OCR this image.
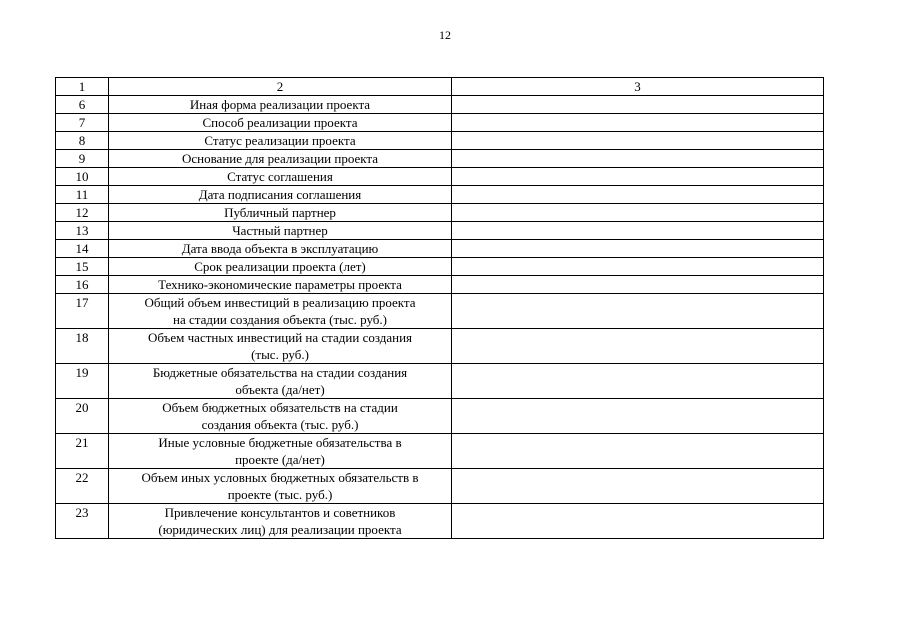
12
1	2	3
6	Иная форма реализации проекта	
7	Способ реализации проекта	
8	Статус реализации проекта	
9	Основание для реализации проекта	
10	Статус соглашения	
11	Дата подписания соглашения	
12	Публичный партнер	
13	Частный партнер	
14	Дата ввода объекта в эксплуатацию	
15	Срок реализации проекта (лет)	
16	Технико-экономические параметры проекта	
17	Общий объем инвестиций в реализацию проекта
на стадии создания объекта (тыс. руб.)	
18	Объем частных инвестиций на стадии создания
(тыс. руб.)	
19	Бюджетные обязательства на стадии создания
объекта (да/нет)	
20	Объем бюджетных обязательств на стадии
создания объекта (тыс. руб.)	
21	Иные условные бюджетные обязательства в
проекте (да/нет)	
22	Объем иных условных бюджетных обязательств в
проекте (тыс. руб.)	
23	Привлечение консультантов и советников
(юридических лиц) для реализации проекта	
